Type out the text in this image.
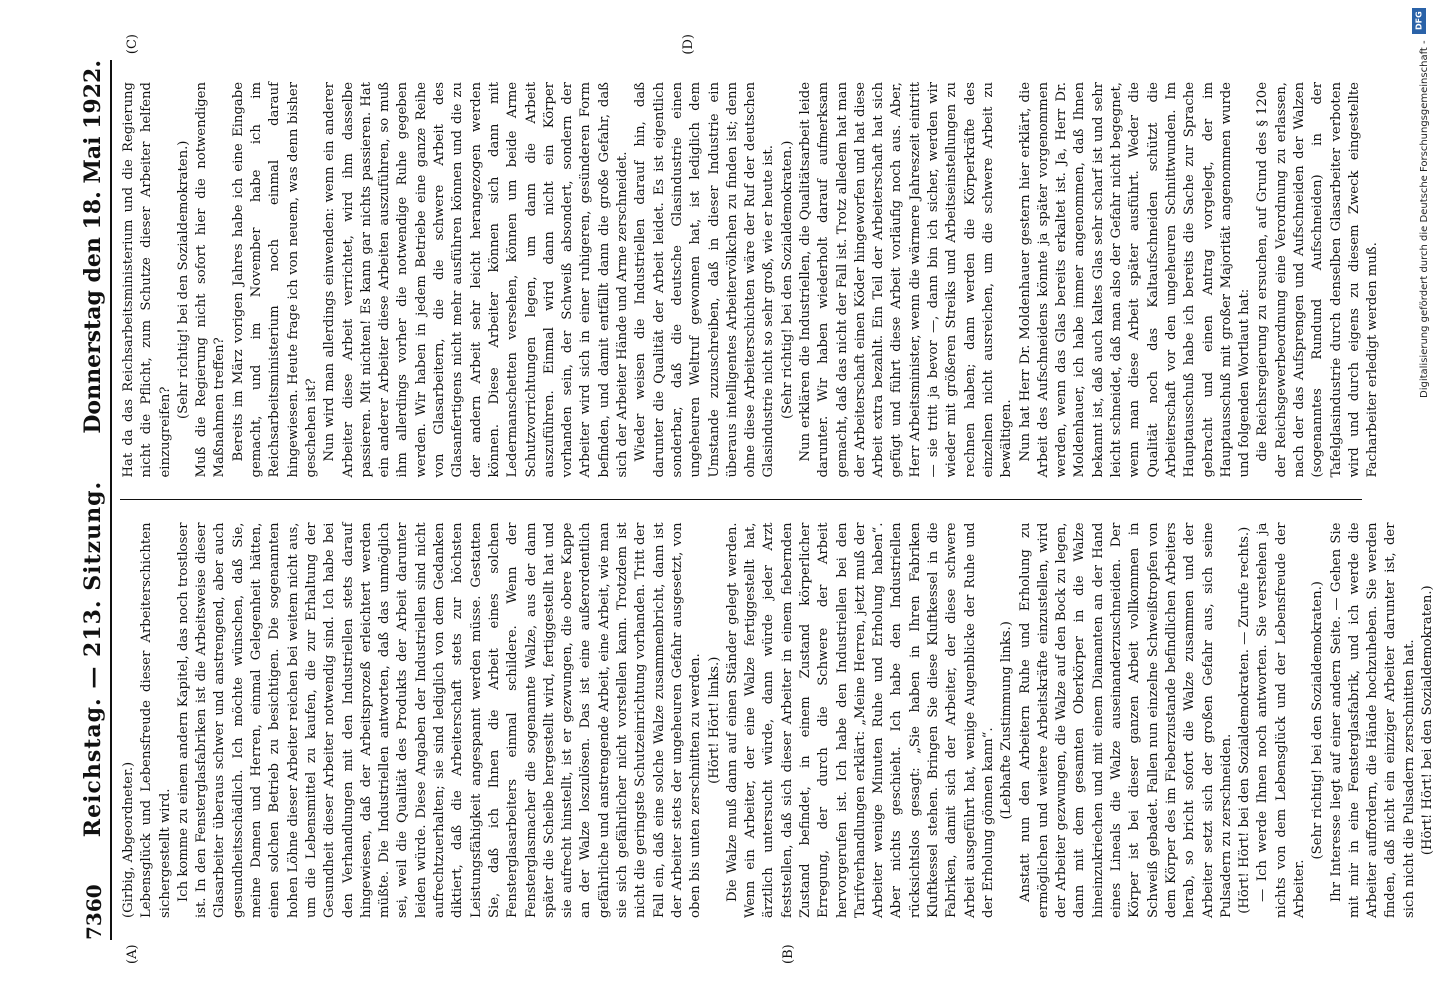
7360
Reichstag. — 213. Sitzung.
Donnerstag den 18. Mai 1922.
(A)	(B)

(Girbig, Abgeordneter.) Lebensglück und Lebensfreude dieser Arbeiterschichten sichergestellt wird. Ich komme zu einem andern Kapitel, das noch trostloser ist. In den Fensterglasfabriken ist die Arbeitsweise dieser Glasarbeiter überaus schwer und anstrengend, aber auch gesundheitsschädlich. Ich möchte wünschen, daß Sie, meine Damen und Herren, einmal Gelegenheit hätten, einen solchen Betrieb zu besichtigen. Die sogenannten hohen Löhne dieser Arbeiter reichen bei weitem nicht aus, um die Lebensmittel zu kaufen, die zur Erhaltung der Gesundheit dieser Arbeiter notwendig sind. Ich habe bei den Verhandlungen mit den Industriellen stets darauf hingewiesen, daß der Arbeitsprozeß erleichtert werden müßte. Die Industriellen antworten, daß das unmöglich sei, weil die Qualität des Produkts der Arbeit darunter leiden würde. Diese Angaben der Industriellen sind nicht aufrechtzuerhalten; sie sind lediglich von dem Gedanken diktiert, daß die Arbeiterschaft stets zur höchsten Leistungsfähigkeit angespannt werden müsse. Gestatten Sie, daß ich Ihnen die Arbeit eines solchen Fensterglasarbeiters einmal schildere. Wenn der Fensterglasmacher die sogenannte Walze, aus der dann später die Scheibe hergestellt wird, fertiggestellt hat und sie aufrecht hinstellt, ist er gezwungen, die obere Kappe an der Walze loszulösen. Das ist eine außerordentlich gefährliche und anstrengende Arbeit, eine Arbeit, wie man sie sich gefährlicher nicht vorstellen kann. Trotzdem ist nicht die geringste Schutzeinrichtung vorhanden. Tritt der Fall ein, daß eine solche Walze zusammenbricht, dann ist der Arbeiter stets der ungeheuren Gefahr ausgesetzt, von oben bis unten zerschnitten zu werden. (Hört! Hört! links.) Die Walze muß dann auf einen Ständer gelegt werden. Wenn ein Arbeiter, der eine Walze fertiggestellt hat, ärztlich untersucht würde, dann würde jeder Arzt feststellen, daß sich dieser Arbeiter in einem fiebernden Zustand befindet, in einem Zustand körperlicher Erregung, der durch die Schwere der Arbeit hervorgerufen ist. Ich habe den Industriellen bei den Tarifverhandlungen erklärt: „Meine Herren, jetzt muß der Arbeiter wenige Minuten Ruhe und Erholung haben“. Aber nichts geschieht. Ich habe den Industriellen rücksichtslos gesagt: „Sie haben in Ihren Fabriken Kluftkessel stehen. Bringen Sie diese Kluftkessel in die Fabriken, damit sich der Arbeiter, der diese schwere Arbeit ausgeführt hat, wenige Augenblicke der Ruhe und der Erholung gönnen kann“.

(Lebhafte Zustimmung links.) Anstatt nun den Arbeitern Ruhe und Erholung zu ermöglichen und weitere Arbeitskräfte einzustellen, wird der Arbeiter gezwungen, die Walze auf den Bock zu legen, dann mit dem gesamten Oberkörper in die Walze hineinzukriechen und mit einem Diamanten an der Hand eines Lineals die Walze auseinanderzuschneiden. Der Körper ist bei dieser ganzen Arbeit vollkommen in Schweiß gebadet. Fallen nun einzelne Schweißtropfen von dem Körper des im Fieberzustande befindlichen Arbeiters herab, so bricht sofort die Walze zusammen und der Arbeiter setzt sich der großen Gefahr aus, sich seine Pulsadern zu zerschneiden. (Hört! Hört! bei den Sozialdemokraten. — Zurufe rechts.) — Ich werde Ihnen noch antworten. Sie verstehen ja nichts von dem Lebensglück und der Lebensfreude der Arbeiter.

(Sehr richtig! bei den Sozialdemokraten.) Ihr Interesse liegt auf einer andern Seite. — Gehen Sie mit mir in eine Fensterglasfabrik, und ich werde die Arbeiter auffordern, die Hände hochzuheben. Sie werden finden, daß nicht ein einziger Arbeiter darunter ist, der sich nicht die Pulsadern zerschnitten hat. (Hört! Hört! bei den Sozialdemokraten.)

(C)	(D)

Hat da das Reichsarbeitsministerium und die Regierung nicht die Pflicht, zum Schutze dieser Arbeiter helfend einzugreifen?

(Sehr richtig! bei den Sozialdemokraten.) Muß die Regierung nicht sofort hier die notwendigen Maßnahmen treffen? Bereits im März vorigen Jahres habe ich eine Eingabe gemacht, und im November habe ich im Reichsarbeitsministerium noch einmal darauf hingewiesen. Heute frage ich von neuem, was denn bisher geschehen ist? Nun wird man allerdings einwenden: wenn ein anderer Arbeiter diese Arbeit verrichtet, wird ihm dasselbe passieren. Mit nichten! Es kann gar nichts passieren. Hat ein anderer Arbeiter diese Arbeiten auszuführen, so muß ihm allerdings vorher die notwendige Ruhe gegeben werden. Wir haben in jedem Betriebe eine ganze Reihe von Glasarbeitern, die die schwere Arbeit des Glasanfertigens nicht mehr ausführen können und die zu der andern Arbeit sehr leicht herangezogen werden können. Diese Arbeiter können sich dann mit Ledermanschetten versehen, können um beide Arme Schutzvorrichtungen legen, um dann die Arbeit auszuführen. Einmal wird dann nicht ein Körper vorhanden sein, der Schweiß absondert, sondern der Arbeiter wird sich in einer ruhigeren, gesünderen Form befinden, und damit entfällt dann die große Gefahr, daß sich der Arbeiter Hände und Arme zerschneidet. Wieder weisen die Industriellen darauf hin, daß darunter die Qualität der Arbeit leidet. Es ist eigentlich sonderbar, daß die deutsche Glasindustrie einen ungeheuren Weltruf gewonnen hat, ist lediglich dem Umstande zuzuschreiben, daß in dieser Industrie ein überaus intelligentes Arbeitervölkchen zu finden ist; denn ohne diese Arbeiterschichten wäre der Ruf der deutschen Glasindustrie nicht so sehr groß, wie er heute ist. (Sehr richtig! bei den Sozialdemokraten.) Nun erklären die Industriellen, die Qualitätsarbeit leide darunter. Wir haben wiederholt darauf aufmerksam gemacht, daß das nicht der Fall ist. Trotz alledem hat man der Arbeiterschaft einen Köder hingeworfen und hat diese Arbeit extra bezahlt. Ein Teil der Arbeiterschaft hat sich gefügt und führt diese Arbeit vorläufig noch aus. Aber, Herr Arbeitsminister, wenn die wärmere Jahreszeit eintritt — sie tritt ja bevor —, dann bin ich sicher, werden wir wieder mit größeren Streiks und Arbeitseinstellungen zu rechnen haben; dann werden die Körperkräfte des einzelnen nicht ausreichen, um die schwere Arbeit zu bewältigen. Nun hat Herr Dr. Moldenhauer gestern hier erklärt, die Arbeit des Aufschneidens könnte ja später vorgenommen werden, wenn das Glas bereits erkaltet ist. Ja, Herr Dr. Moldenhauer, ich habe immer angenommen, daß Ihnen bekannt ist, daß auch kaltes Glas sehr scharf ist und sehr leicht schneidet, daß man also der Gefahr nicht begegnet, wenn man diese Arbeit später ausführt. Weder die Qualität noch das Kaltaufschneiden schützt die Arbeiterschaft vor den ungeheuren Schnittwunden. Im Hauptausschuß habe ich bereits die Sache zur Sprache gebracht und einen Antrag vorgelegt, der im Hauptausschuß mit großer Majorität angenommen wurde und folgenden Wortlaut hat: die Reichsregierung zu ersuchen, auf Grund des § 120e der Reichsgewerbeordnung eine Verordnung zu erlassen, nach der das Aufsprengen und Aufschneiden der Walzen (sogenanntes Rundund Aufschneiden) in der Tafelglasindustrie durch denselben Glasarbeiter verboten wird und durch eigens zu diesem Zweck eingestellte Facharbeiter erledigt werden muß.

DFG
Digitalisierung gefördert durch die Deutsche Forschungsgemeinschaft -
